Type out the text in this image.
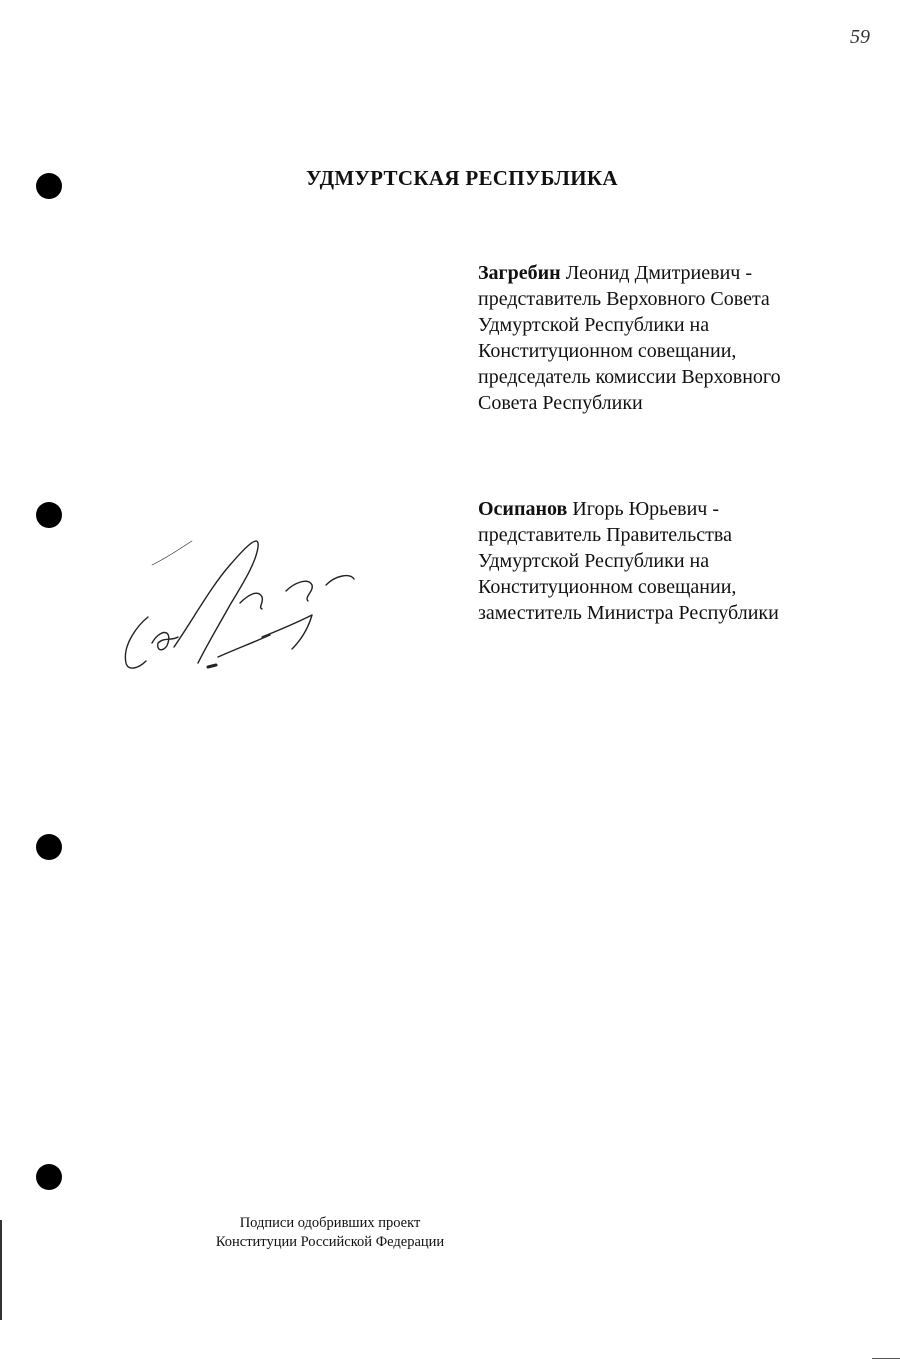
59
УДМУРТСКАЯ РЕСПУБЛИКА
Загребин Леонид Дмитриевич -
представитель Верховного Совета
Удмуртской Республики на
Конституционном совещании,
председатель комиссии Верховного
Совета Республики
Осипанов Игорь Юрьевич -
представитель Правительства
Удмуртской Республики на
Конституционном совещании,
заместитель Министра Республики
Подписи одобривших проект
Конституции Российской Федерации
